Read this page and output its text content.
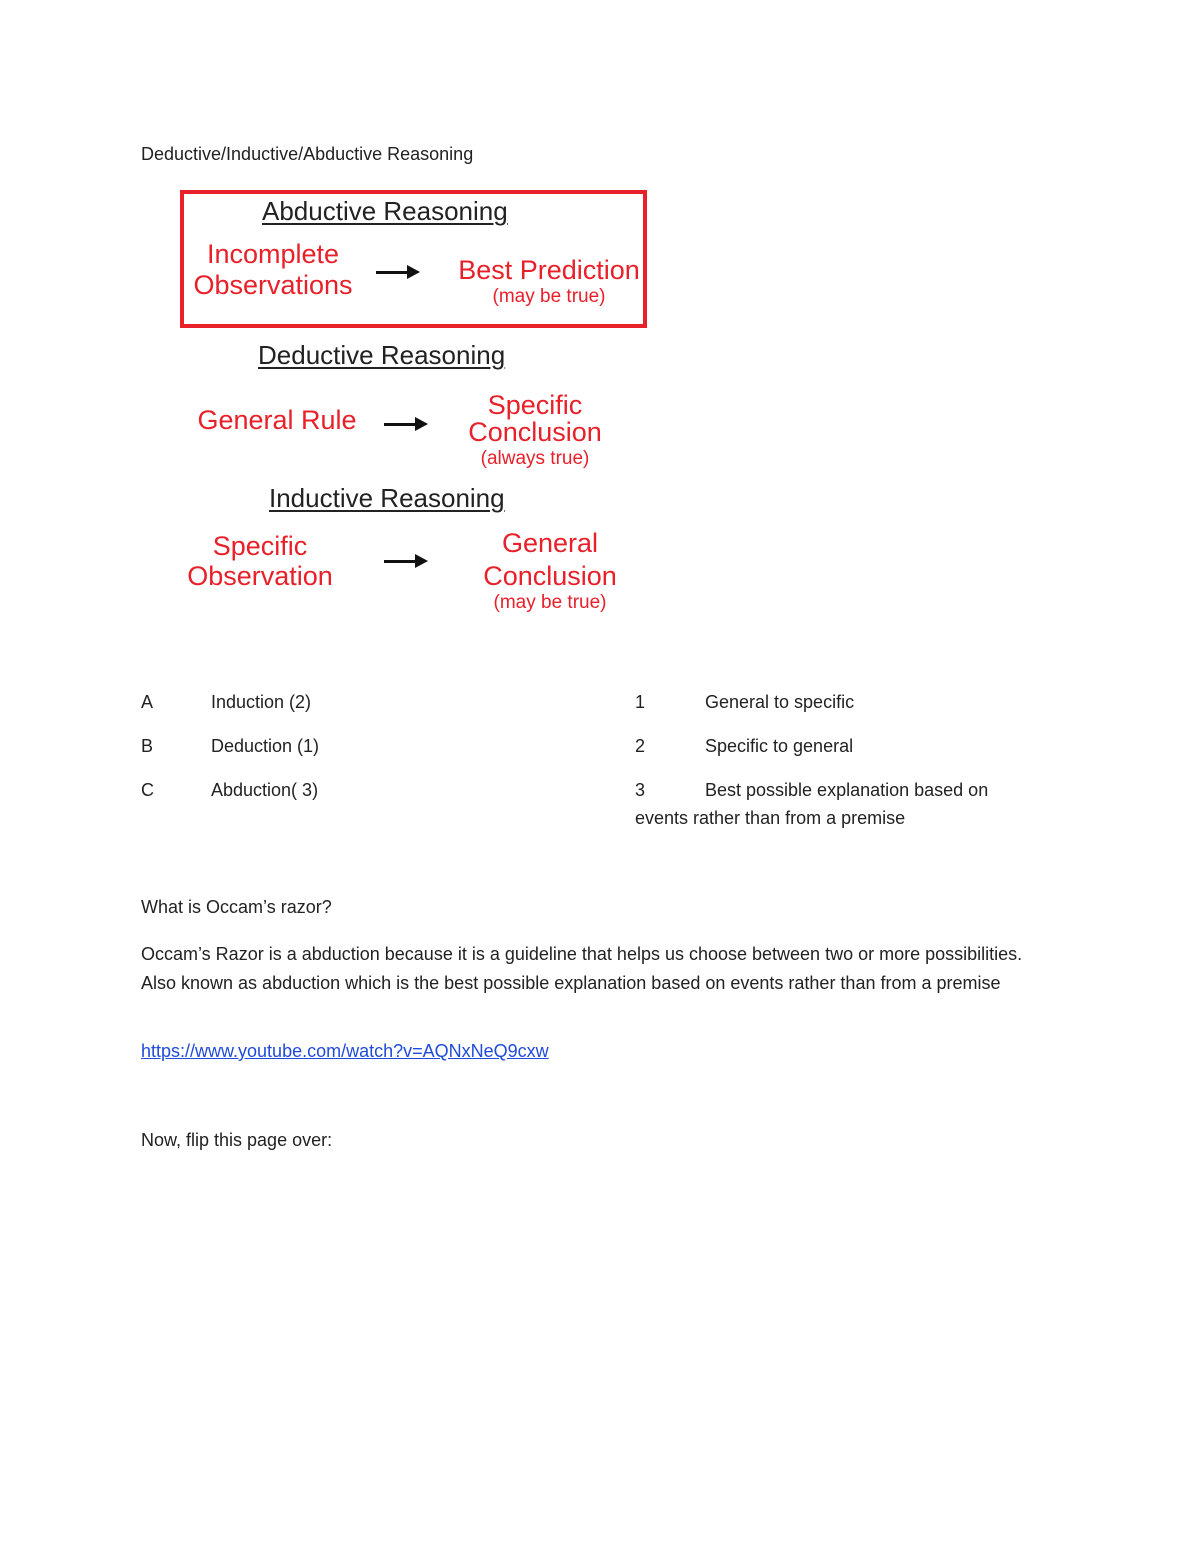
Deductive/Inductive/Abductive Reasoning
Abductive Reasoning
Incomplete
Observations	Best Prediction
(may be true)
Deductive Reasoning
General Rule	Specific
Conclusion
(always true)
Inductive Reasoning
Specific
Observation
General
Conclusion
(may be true)
A	Induction (2)	1	General to specific
B	Deduction (1)	2	Specific to general
C	Abduction( 3)	3	Best possible explanation based on
events rather than from a premise
What is Occam’s razor?
Occam’s Razor is a abduction because it is a guideline that helps us choose between two or more possibilities. Also known as abduction which is the best possible explanation based on events rather than from a premise
https://www.youtube.com/watch?v=AQNxNeQ9cxw
Now, flip this page over:
